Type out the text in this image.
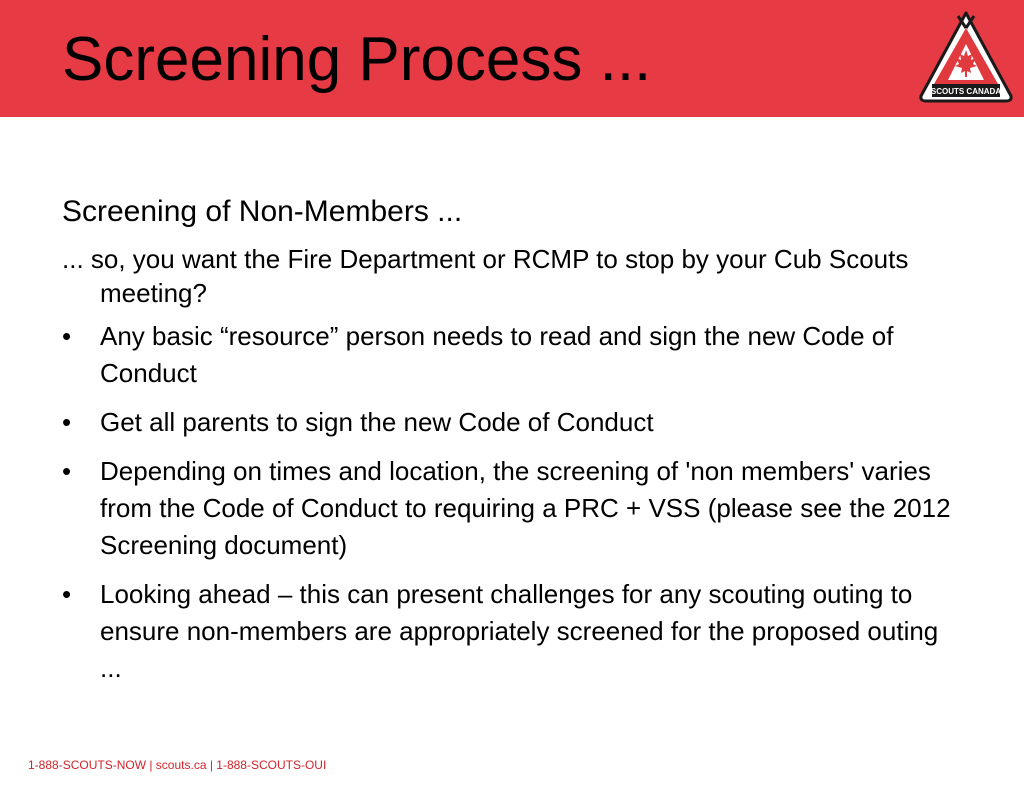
Screening Process ...	SCOUTS CANADA
Screening of Non-Members ...
... so, you want the Fire Department or RCMP to stop by your Cub Scouts meeting?
• Any basic “resource” person needs to read and sign the new Code of Conduct
• Get all parents to sign the new Code of Conduct
• Depending on times and location, the screening of 'non members' varies from the Code of Conduct to requiring a PRC + VSS (please see the 2012 Screening document)
• Looking ahead – this can present challenges for any scouting outing to ensure non-members are appropriately screened for the proposed outing ...
1-888-SCOUTS-NOW | scouts.ca | 1-888-SCOUTS-OUI
